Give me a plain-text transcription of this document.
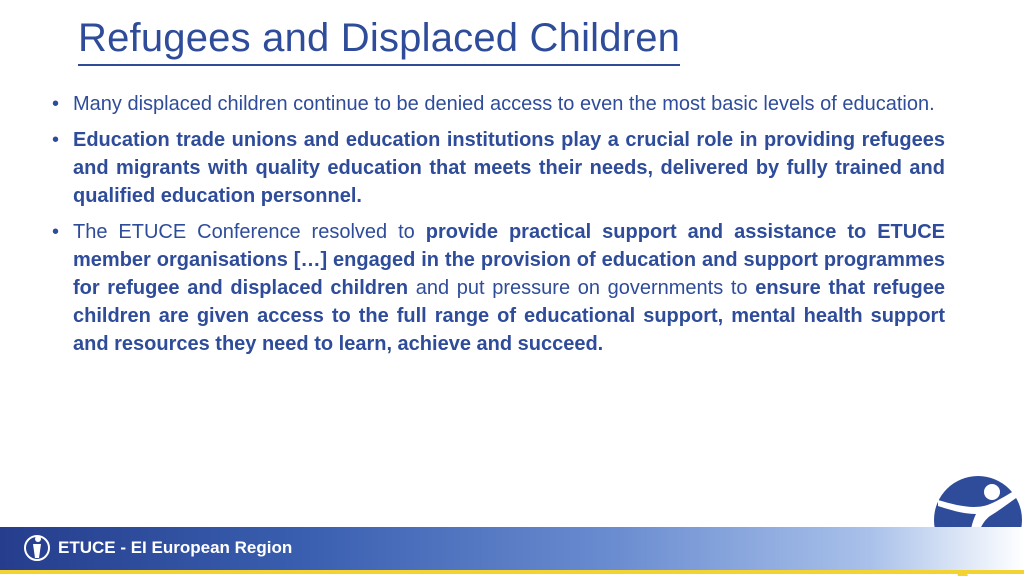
Refugees and Displaced Children
• Many displaced children continue to be denied access to even the most basic levels of education.
• Education trade unions and education institutions play a crucial role in providing refugees and migrants with quality education that meets their needs, delivered by fully trained and qualified education personnel.
• The ETUCE Conference resolved to provide practical support and assistance to ETUCE member organisations […] engaged in the provision of education and support programmes for refugee and displaced children and put pressure on governments to ensure that refugee children are given access to the full range of educational support, mental health support and resources they need to learn, achieve and succeed.
ETUCE - EI European Region
